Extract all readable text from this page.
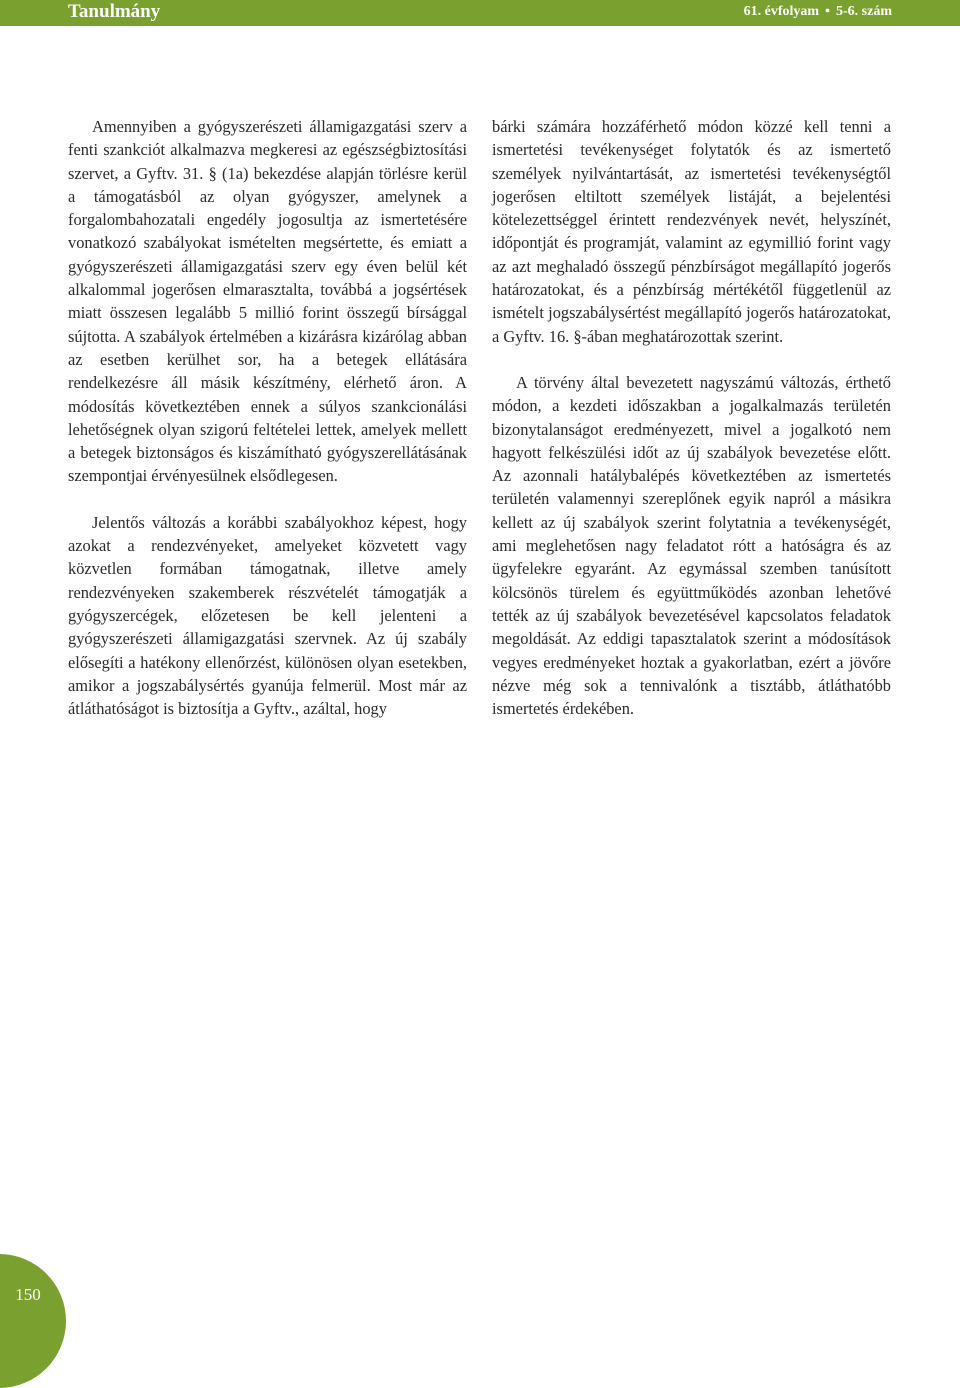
Tanulmány	61. évfolyam • 5-6. szám

Amennyiben a gyógyszerészeti államigazgatási szerv a fenti szankciót alkalmazva megkeresi az egészségbiztosítási szervet, a Gyftv. 31. § (1a) bekezdése alapján törlésre kerül a támogatásból az olyan gyógyszer, amelynek a forgalombahozatali engedély jogosultja az ismertetésére vonatkozó szabályokat ismételten megsértette, és emiatt a gyógyszerészeti államigazgatási szerv egy éven belül két alkalommal jogerősen elmarasztalta, továbbá a jogsértések miatt összesen legalább 5 millió forint összegű bírsággal sújtotta. A szabályok értelmében a kizárásra kizárólag abban az esetben kerülhet sor, ha a betegek ellátására rendelkezésre áll másik készítmény, elérhető áron. A módosítás következtében ennek a súlyos szankcionálási lehetőségnek olyan szigorú feltételei lettek, amelyek mellett a betegek biztonságos és kiszámítható gyógyszerellátásának szempontjai érvényesülnek elsődlegesen.

Jelentős változás a korábbi szabályokhoz képest, hogy azokat a rendezvényeket, amelyeket közvetett vagy közvetlen formában támogatnak, illetve amely rendezvényeken szakemberek részvételét támogatják a gyógyszercégek, előzetesen be kell jelenteni a gyógyszerészeti államigazgatási szervnek. Az új szabály elősegíti a hatékony ellenőrzést, különösen olyan esetekben, amikor a jogszabálysértés gyanúja felmerül. Most már az átláthatóságot is biztosítja a Gyftv., azáltal, hogy

bárki számára hozzáférhető módon közzé kell tenni a ismertetési tevékenységet folytatók és az ismertető személyek nyilvántartását, az ismertetési tevékenységtől jogerősen eltiltott személyek listáját, a bejelentési kötelezettséggel érintett rendezvények nevét, helyszínét, időpontját és programját, valamint az egymillió forint vagy az azt meghaladó összegű pénzbírságot megállapító jogerős határozatokat, és a pénzbírság mértékétől függetlenül az ismételt jogszabálysértést megállapító jogerős határozatokat, a Gyftv. 16. §-ában meghatározottak szerint.

A törvény által bevezetett nagyszámú változás, érthető módon, a kezdeti időszakban a jogalkalmazás területén bizonytalanságot eredményezett, mivel a jogalkotó nem hagyott felkészülési időt az új szabályok bevezetése előtt. Az azonnali hatálybalépés következtében az ismertetés területén valamennyi szereplőnek egyik napról a másikra kellett az új szabályok szerint folytatnia a tevékenységét, ami meglehetősen nagy feladatot rótt a hatóságra és az ügyfelekre egyaránt. Az egymással szemben tanúsított kölcsönös türelem és együttműködés azonban lehetővé tették az új szabályok bevezetésével kapcsolatos feladatok megoldását. Az eddigi tapasztalatok szerint a módosítások vegyes eredményeket hoztak a gyakorlatban, ezért a jövőre nézve még sok a tennivalónk a tisztább, átláthatóbb ismertetés érdekében.

150
